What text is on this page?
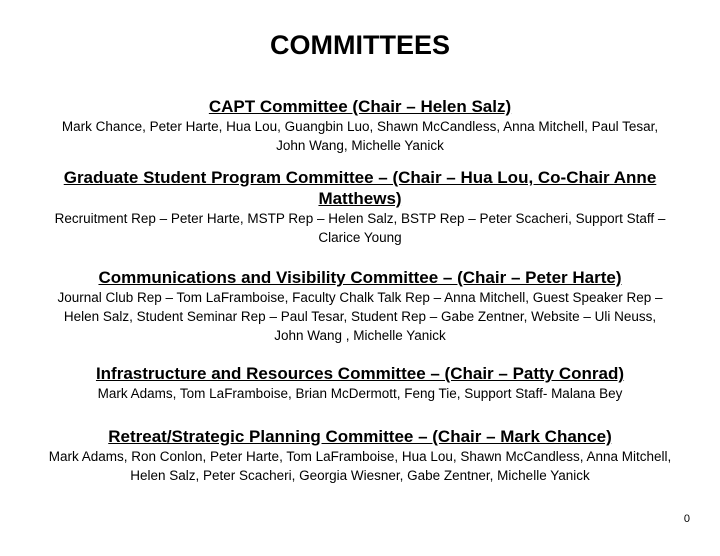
COMMITTEES
CAPT Committee (Chair – Helen Salz)
Mark Chance, Peter Harte, Hua Lou, Guangbin Luo, Shawn McCandless, Anna Mitchell, Paul Tesar, John Wang, Michelle Yanick
Graduate Student Program Committee – (Chair – Hua Lou, Co-Chair Anne Matthews)
Recruitment Rep – Peter Harte, MSTP Rep – Helen Salz, BSTP Rep – Peter Scacheri, Support Staff – Clarice Young
Communications and Visibility Committee – (Chair – Peter Harte)
Journal Club Rep – Tom LaFramboise, Faculty Chalk Talk Rep – Anna Mitchell, Guest Speaker Rep – Helen Salz, Student Seminar Rep – Paul Tesar, Student Rep – Gabe Zentner, Website – Uli Neuss, John Wang , Michelle Yanick
Infrastructure and Resources Committee – (Chair – Patty Conrad)
Mark Adams, Tom LaFramboise, Brian McDermott, Feng Tie, Support Staff- Malana Bey
Retreat/Strategic Planning Committee – (Chair – Mark Chance)
Mark Adams, Ron Conlon, Peter Harte, Tom LaFramboise, Hua Lou, Shawn McCandless, Anna Mitchell, Helen Salz, Peter Scacheri, Georgia Wiesner, Gabe Zentner, Michelle Yanick
0
